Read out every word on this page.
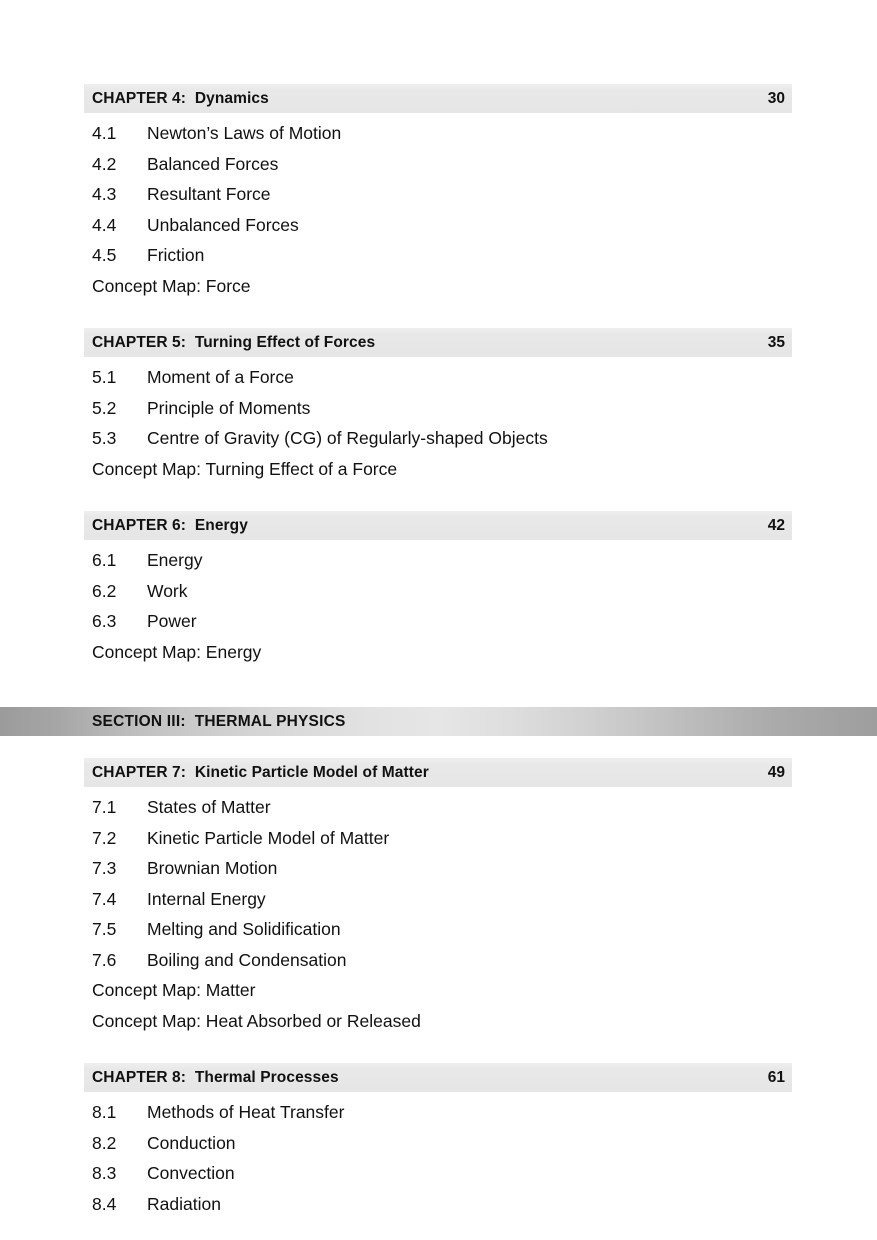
CHAPTER 4:  Dynamics	30
4.1	Newton’s Laws of Motion
4.2	Balanced Forces
4.3	Resultant Force
4.4	Unbalanced Forces
4.5	Friction
Concept Map: Force
CHAPTER 5:  Turning Effect of Forces	35
5.1	Moment of a Force
5.2	Principle of Moments
5.3	Centre of Gravity (CG) of Regularly-shaped Objects
Concept Map: Turning Effect of a Force
CHAPTER 6:  Energy	42
6.1	Energy
6.2	Work
6.3	Power
Concept Map: Energy
SECTION III:  THERMAL PHYSICS
CHAPTER 7:  Kinetic Particle Model of Matter	49
7.1	States of Matter
7.2	Kinetic Particle Model of Matter
7.3	Brownian Motion
7.4	Internal Energy
7.5	Melting and Solidification
7.6	Boiling and Condensation
Concept Map: Matter
Concept Map: Heat Absorbed or Released
CHAPTER 8:  Thermal Processes	61
8.1	Methods of Heat Transfer
8.2	Conduction
8.3	Convection
8.4	Radiation
